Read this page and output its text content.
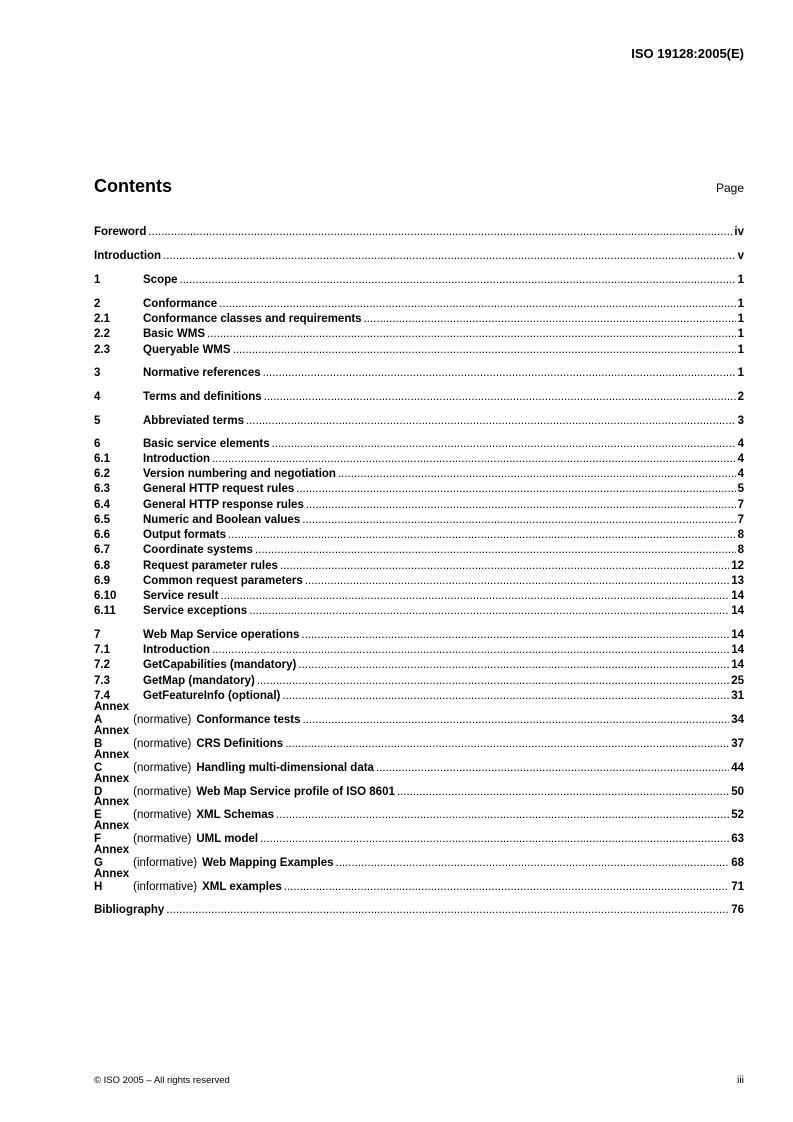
ISO 19128:2005(E)
Contents	Page
Foreword .....	iv
Introduction .....	v
1	Scope .....	1
2	Conformance .....	1
2.1	Conformance classes and requirements .....	1
2.2	Basic WMS .....	1
2.3	Queryable WMS .....	1
3	Normative references .....	1
4	Terms and definitions .....	2
5	Abbreviated terms .....	3
6	Basic service elements .....	4
6.1	Introduction .....	4
6.2	Version numbering and negotiation .....	4
6.3	General HTTP request rules .....	5
6.4	General HTTP response rules .....	7
6.5	Numeric and Boolean values .....	7
6.6	Output formats .....	8
6.7	Coordinate systems .....	8
6.8	Request parameter rules .....	12
6.9	Common request parameters .....	13
6.10	Service result .....	14
6.11	Service exceptions .....	14
7	Web Map Service operations .....	14
7.1	Introduction .....	14
7.2	GetCapabilities (mandatory) .....	14
7.3	GetMap (mandatory) .....	25
7.4	GetFeatureInfo (optional) .....	31
Annex A	(normative) Conformance tests .....	34
Annex B	(normative) CRS Definitions .....	37
Annex C	(normative) Handling multi-dimensional data .....	44
Annex D	(normative) Web Map Service profile of ISO 8601 .....	50
Annex E	(normative) XML Schemas .....	52
Annex F	(normative) UML model .....	63
Annex G	(informative) Web Mapping Examples .....	68
Annex H	(informative) XML examples .....	71
Bibliography .....	76
© ISO 2005 – All rights reserved	iii
